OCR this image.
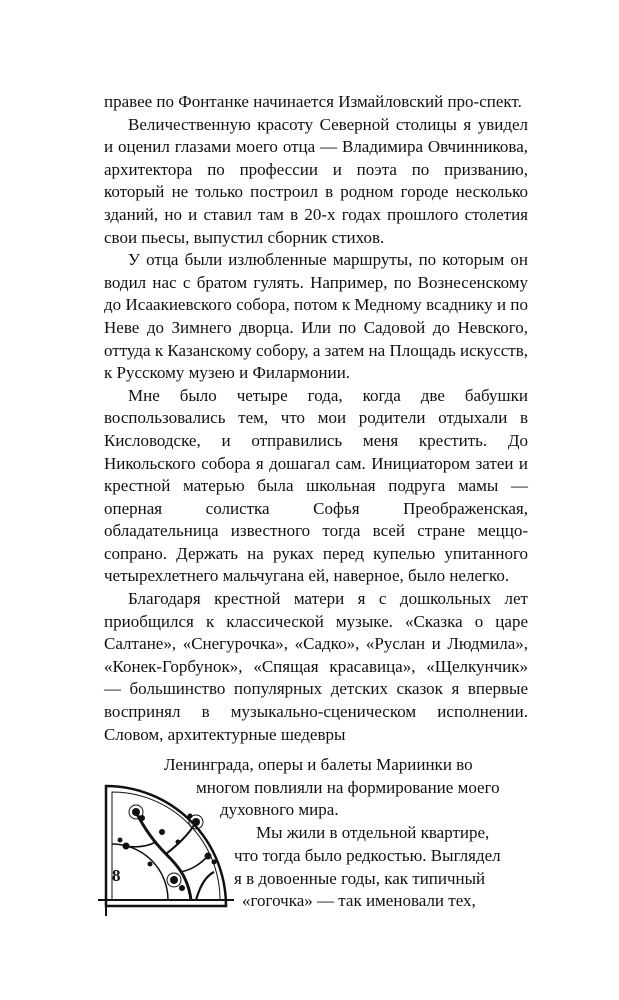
правее по Фонтанке начинается Измайловский про-спект.

Величественную красоту Северной столицы я увидел и оценил глазами моего отца — Владимира Овчинникова, архитектора по профессии и поэта по призванию, который не только построил в родном городе несколько зданий, но и ставил там в 20-х годах прошлого столетия свои пьесы, выпустил сборник стихов.

У отца были излюбленные маршруты, по которым он водил нас с братом гулять. Например, по Вознесенскому до Исаакиевского собора, потом к Медному всаднику и по Неве до Зимнего дворца. Или по Садовой до Невского, оттуда к Казанскому собору, а затем на Площадь искусств, к Русскому музею и Филармонии.

Мне было четыре года, когда две бабушки воспользовались тем, что мои родители отдыхали в Кисловодске, и отправились меня крестить. До Никольского собора я дошагал сам. Инициатором затеи и крестной матерью была школьная подруга мамы — оперная солистка Софья Преображенская, обладательница известного тогда всей стране меццо-сопрано. Держать на руках перед купелью упитанного четырехлетнего мальчугана ей, наверное, было нелегко.

Благодаря крестной матери я с дошкольных лет приобщился к классической музыке. «Сказка о царе Салтане», «Снегурочка», «Садко», «Руслан и Людмила», «Конек-Горбунок», «Спящая красавица», «Щелкунчик» — большинство популярных детских сказок я впервые воспринял в музыкально-сценическом исполнении. Словом, архитектурные шедевры

Ленинграда, оперы и балеты Мариинки во
многом повлияли на формирование моего
духовного мира.
Мы жили в отдельной квартире,
что тогда было редкостью. Выглядел
я в довоенные годы, как типичный
«гогочка» — так именовали тех,
8
